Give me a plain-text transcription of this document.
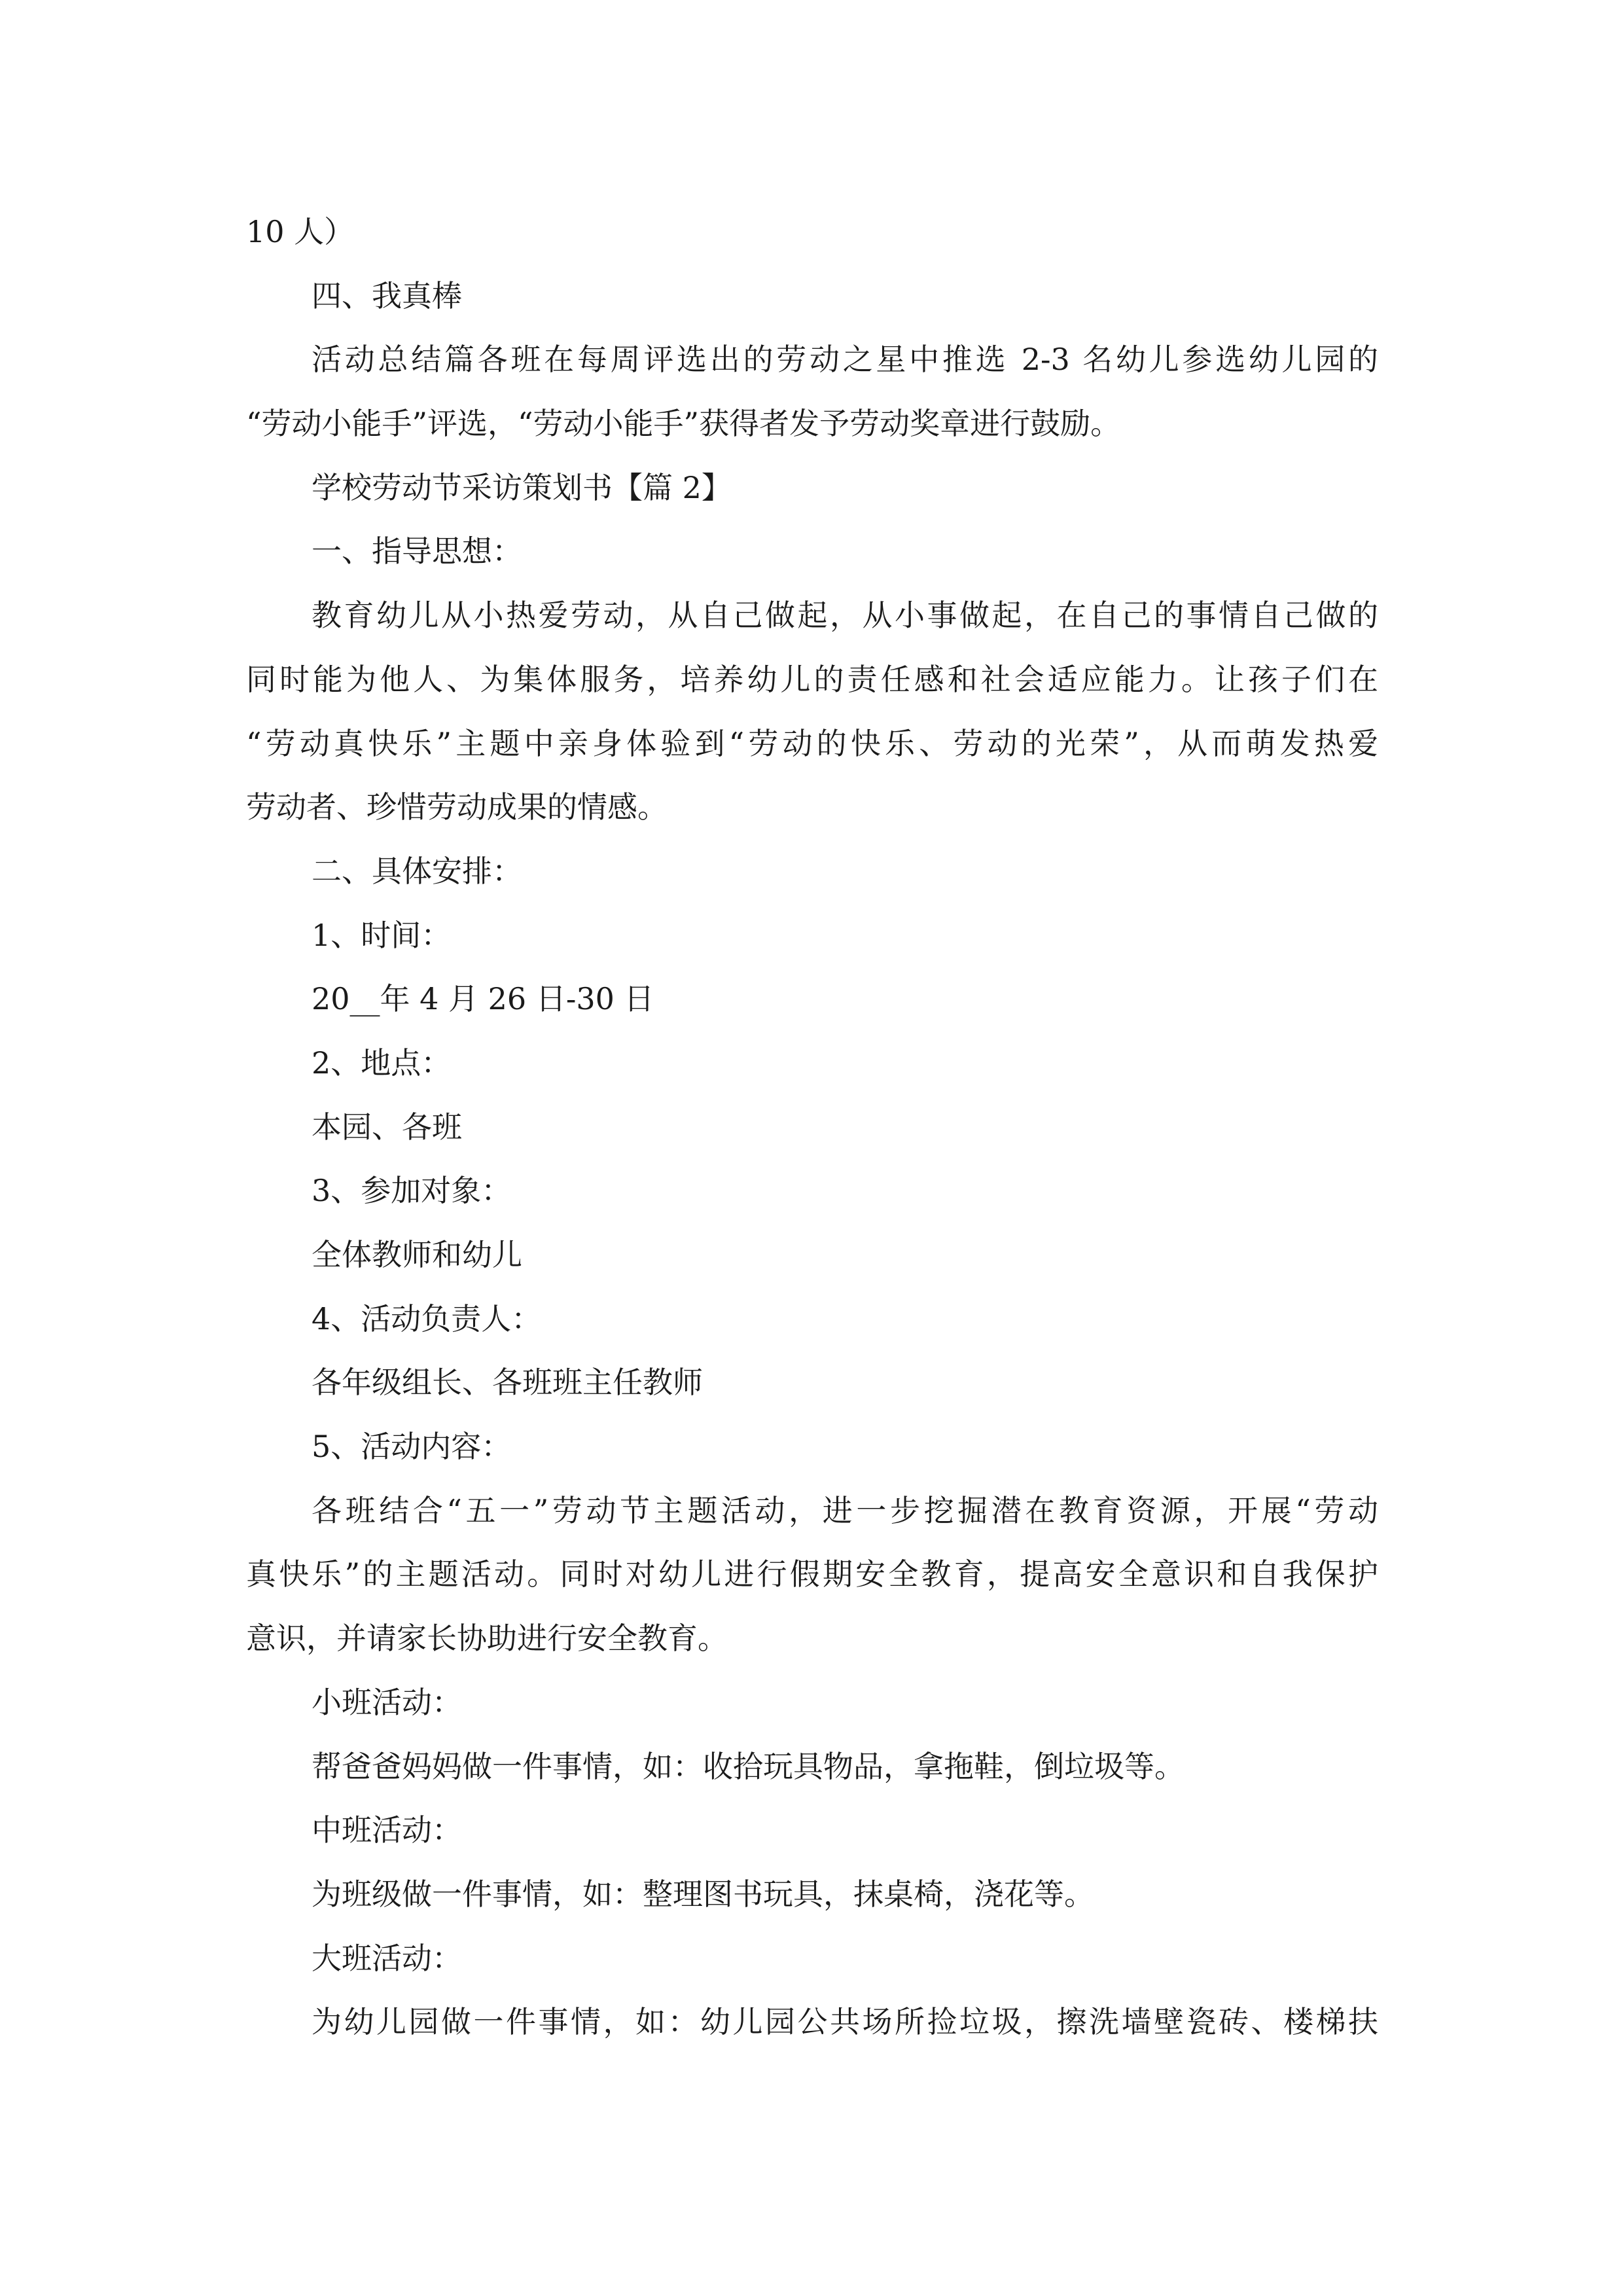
10 人）
四、我真棒
活动总结篇各班在每周评选出的劳动之星中推选 2-3 名幼儿参选幼儿园的
“劳动小能手”评选，“劳动小能手”获得者发予劳动奖章进行鼓励。
学校劳动节采访策划书【篇 2】
一、指导思想：
教育幼儿从小热爱劳动，从自己做起，从小事做起，在自己的事情自己做的
同时能为他人、为集体服务，培养幼儿的责任感和社会适应能力。让孩子们在
“劳动真快乐”主题中亲身体验到“劳动的快乐、劳动的光荣”，从而萌发热爱
劳动者、珍惜劳动成果的情感。
二、具体安排：
1、时间：
20__年 4 月 26 日-30 日
2、地点：
本园、各班
3、参加对象：
全体教师和幼儿
4、活动负责人：
各年级组长、各班班主任教师
5、活动内容：
各班结合“五一”劳动节主题活动，进一步挖掘潜在教育资源，开展“劳动
真快乐”的主题活动。同时对幼儿进行假期安全教育，提高安全意识和自我保护
意识，并请家长协助进行安全教育。
小班活动：
帮爸爸妈妈做一件事情，如：收拾玩具物品，拿拖鞋，倒垃圾等。
中班活动：
为班级做一件事情，如：整理图书玩具，抹桌椅，浇花等。
大班活动：
为幼儿园做一件事情，如：幼儿园公共场所捡垃圾，擦洗墙壁瓷砖、楼梯扶
